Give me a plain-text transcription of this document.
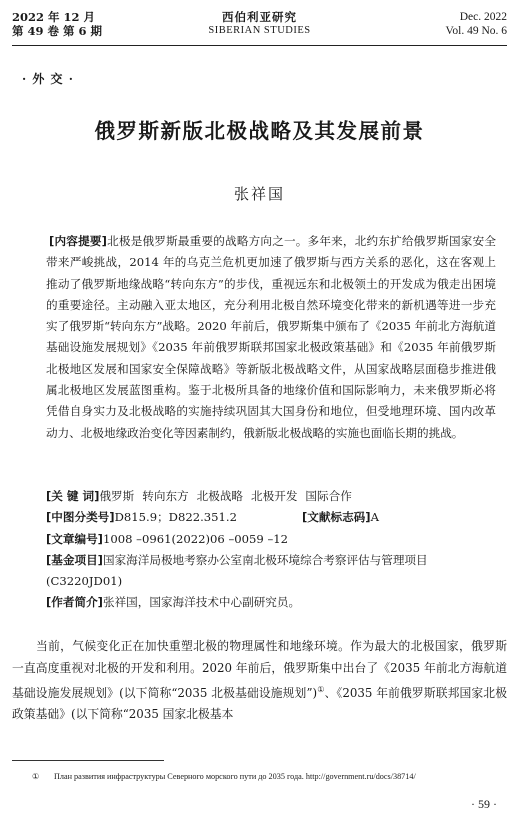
2022 年 12 月
第 49 卷 第 6 期
西伯利亚研究
SIBERIAN STUDIES
Dec. 2022
Vol. 49 No. 6
· 外 交 ·
俄罗斯新版北极战略及其发展前景
张祥国

[内容提要]北极是俄罗斯最重要的战略方向之一。多年来，北约东扩给俄罗斯国家安全带来严峻挑战，2014 年的乌克兰危机更加速了俄罗斯与西方关系的恶化，这在客观上推动了俄罗斯地缘战略“转向东方”的步伐，重视远东和北极领土的开发成为俄走出困境的重要途径。主动融入亚太地区，充分利用北极自然环境变化带来的新机遇等进一步充实了俄罗斯“转向东方”战略。2020 年前后，俄罗斯集中颁布了《2035 年前北方海航道基础设施发展规划》《2035 年前俄罗斯联邦国家北极政策基础》和《2035 年前俄罗斯北极地区发展和国家安全保障战略》等新版北极战略文件，从国家战略层面稳步推进俄属北极地区发展蓝图重构。鉴于北极所具备的地缘价值和国际影响力，未来俄罗斯必将凭借自身实力及北极战略的实施持续巩固其大国身份和地位，但受地理环境、国内改革动力、北极地缘政治变化等因素制约，俄新版北极战略的实施也面临长期的挑战。

[关 键 词]俄罗斯 转向东方 北极战略 北极开发 国际合作
[中图分类号]D815.9；D822.351.2	[文献标志码]A
[文章编号]1008 –0961(2022)06 –0059 –12
[基金项目]国家海洋局极地考察办公室南北极环境综合考察评估与管理项目(C3220JD01)
[作者简介]张祥国，国家海洋技术中心副研究员。

当前，气候变化正在加快重塑北极的物理属性和地缘环境。作为最大的北极国家，俄罗斯一直高度重视对北极的开发和利用。2020 年前后，俄罗斯集中出台了《2035 年前北方海航道基础设施发展规划》(以下简称“2035 北极基础设施规划”)①、《2035 年前俄罗斯联邦国家北极政策基础》(以下简称“2035 国家北极基本

① План развития инфраструктуры Северного морского пути до 2035 года. http://government.ru/docs/38714/
· 59 ·
